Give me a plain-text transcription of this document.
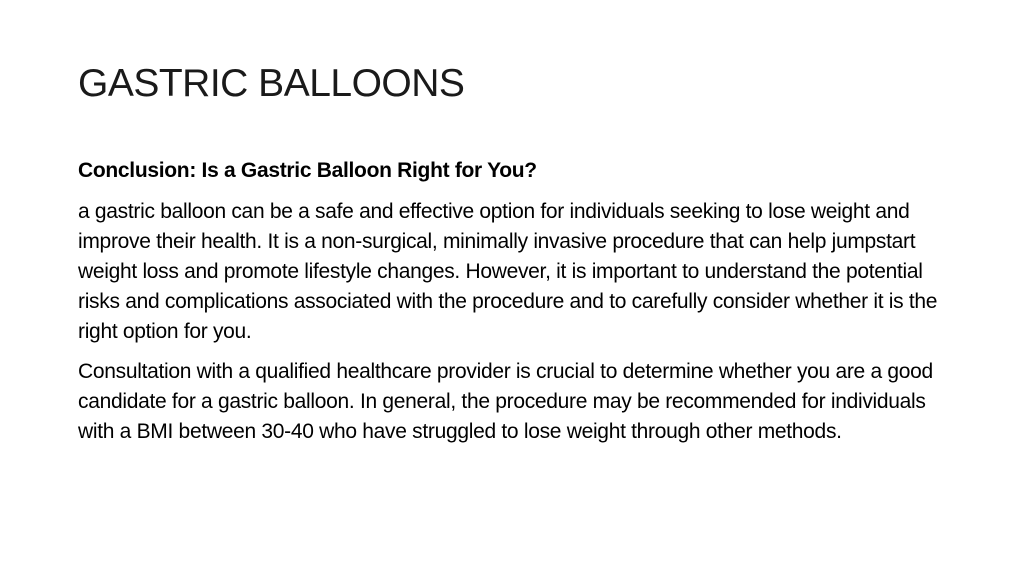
GASTRIC BALLOONS

Conclusion: Is a Gastric Balloon Right for You?

a gastric balloon can be a safe and effective option for individuals seeking to lose weight and improve their health. It is a non-surgical, minimally invasive procedure that can help jumpstart weight loss and promote lifestyle changes. However, it is important to understand the potential risks and complications associated with the procedure and to carefully consider whether it is the right option for you.

Consultation with a qualified healthcare provider is crucial to determine whether you are a good candidate for a gastric balloon. In general, the procedure may be recommended for individuals with a BMI between 30-40 who have struggled to lose weight through other methods.
